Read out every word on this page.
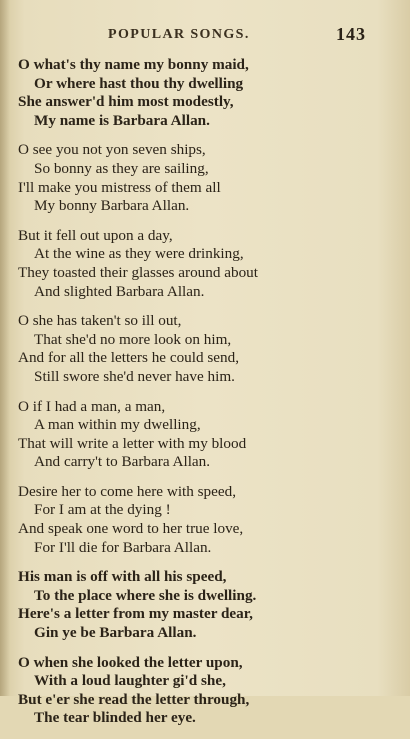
POPULAR SONGS.	143
O what's thy name my bonny maid,
Or where hast thou thy dwelling
She answer'd him most modestly,
My name is Barbara Allan.
O see you not yon seven ships,
So bonny as they are sailing,
I'll make you mistress of them all
My bonny Barbara Allan.
But it fell out upon a day,
At the wine as they were drinking,
They toasted their glasses around about
And slighted Barbara Allan.
O she has taken't so ill out,
That she'd no more look on him,
And for all the letters he could send,
Still swore she'd never have him.
O if I had a man, a man,
A man within my dwelling,
That will write a letter with my blood
And carry't to Barbara Allan.
Desire her to come here with speed,
For I am at the dying !
And speak one word to her true love,
For I'll die for Barbara Allan.
His man is off with all his speed,
To the place where she is dwelling.
Here's a letter from my master dear,
Gin ye be Barbara Allan.
O when she looked the letter upon,
With a loud laughter gi'd she,
But e'er she read the letter through,
The tear blinded her eye.
